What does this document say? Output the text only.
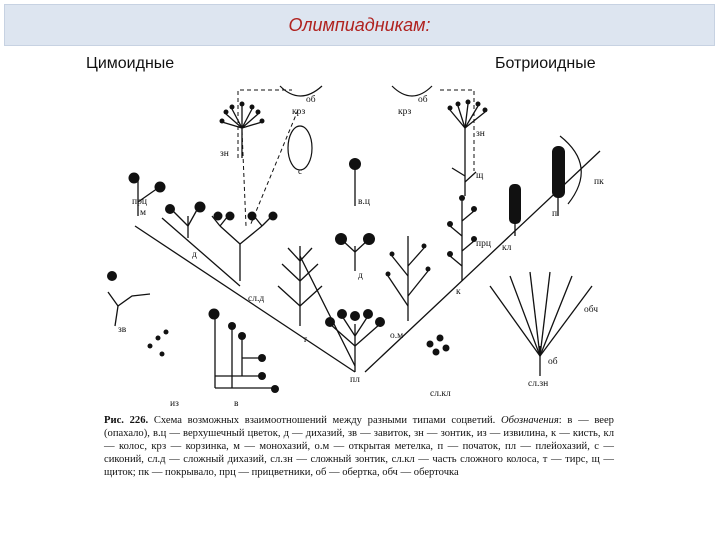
Олимпиадникам:
Цимоидные	Ботриоидные
об
крз
об
крз
зн
с
зн
щ
в.ц
прц
м
д
д
пк
п
кл
прц
к
сл.д
зв
т
обч
о.м
из	в
пл
сл.кл
об
сл.зн
Рис. 226. Схема возможных взаимоотношений между разными типами соцветий. Обозначения: в — веер (опахало), в.ц — верхушечный цветок, д — дихазий, зв — завиток, зн — зонтик, из — извилина, к — кисть, кл — колос, крз — корзинка, м — монохазий, о.м — открытая метелка, п — початок, пл — плейохазий, с — сиконий, сл.д — сложный дихазий, сл.зн — сложный зонтик, сл.кл — часть сложного колоса, т — тирс, щ — щиток; пк — покрывало, прц — прицветники, об — обертка, обч — оберточка
